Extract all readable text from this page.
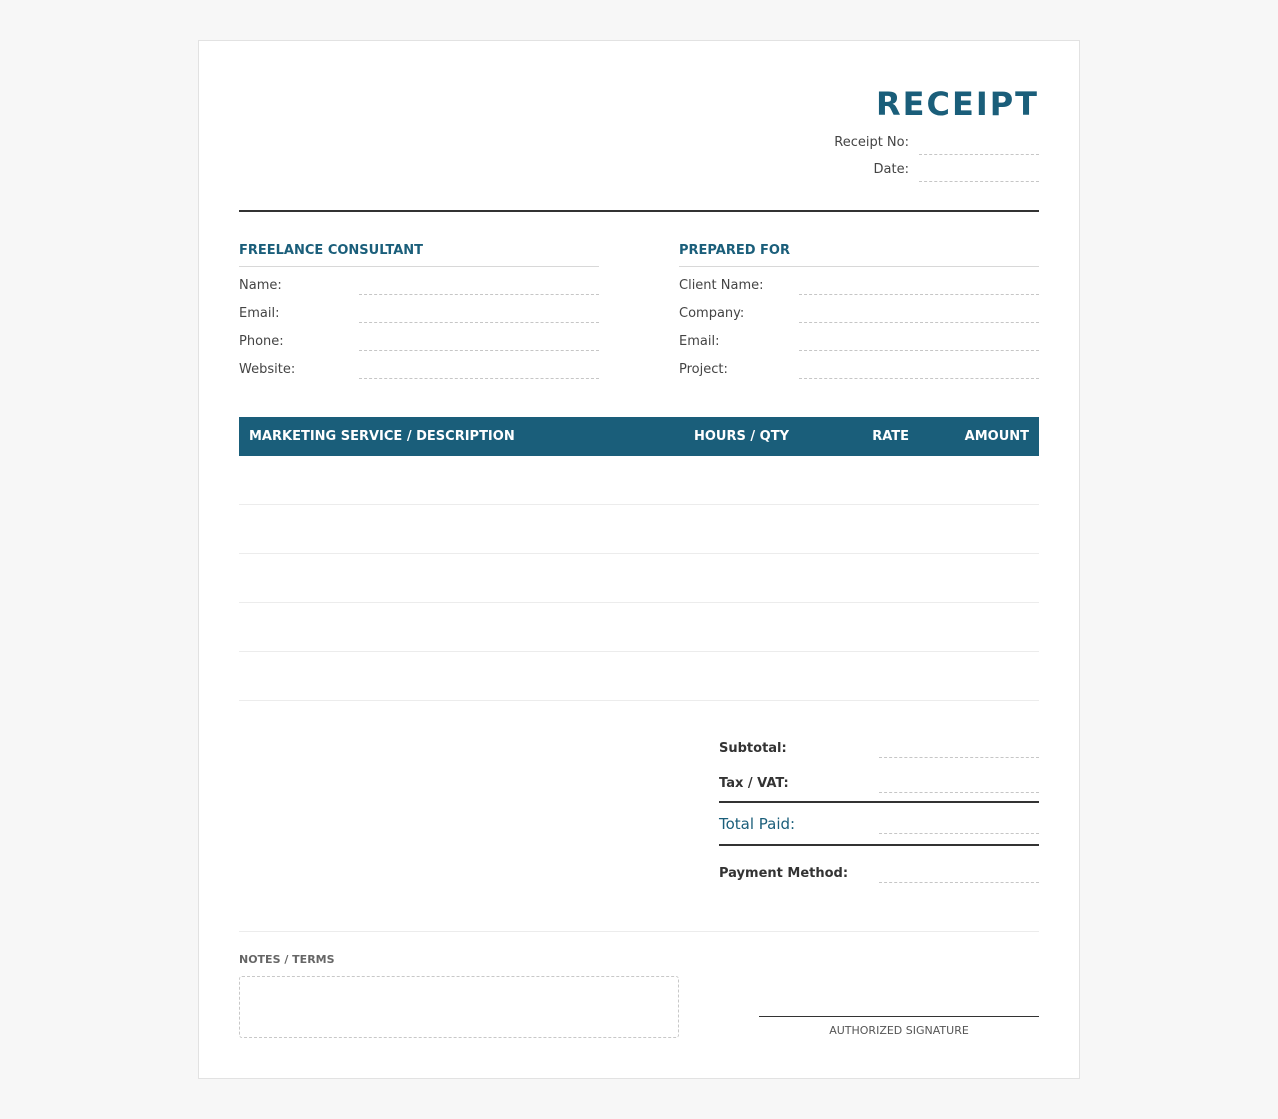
RECEIPT
Receipt No:
Date:
FREELANCE CONSULTANT
Name:
Email:
Phone:
Website:
PREPARED FOR
Client Name:
Company:
Email:
Project:
MARKETING SERVICE / DESCRIPTION	HOURS / QTY	RATE	AMOUNT
Subtotal:
Tax / VAT:
Total Paid:
Payment Method:
NOTES / TERMS
AUTHORIZED SIGNATURE
